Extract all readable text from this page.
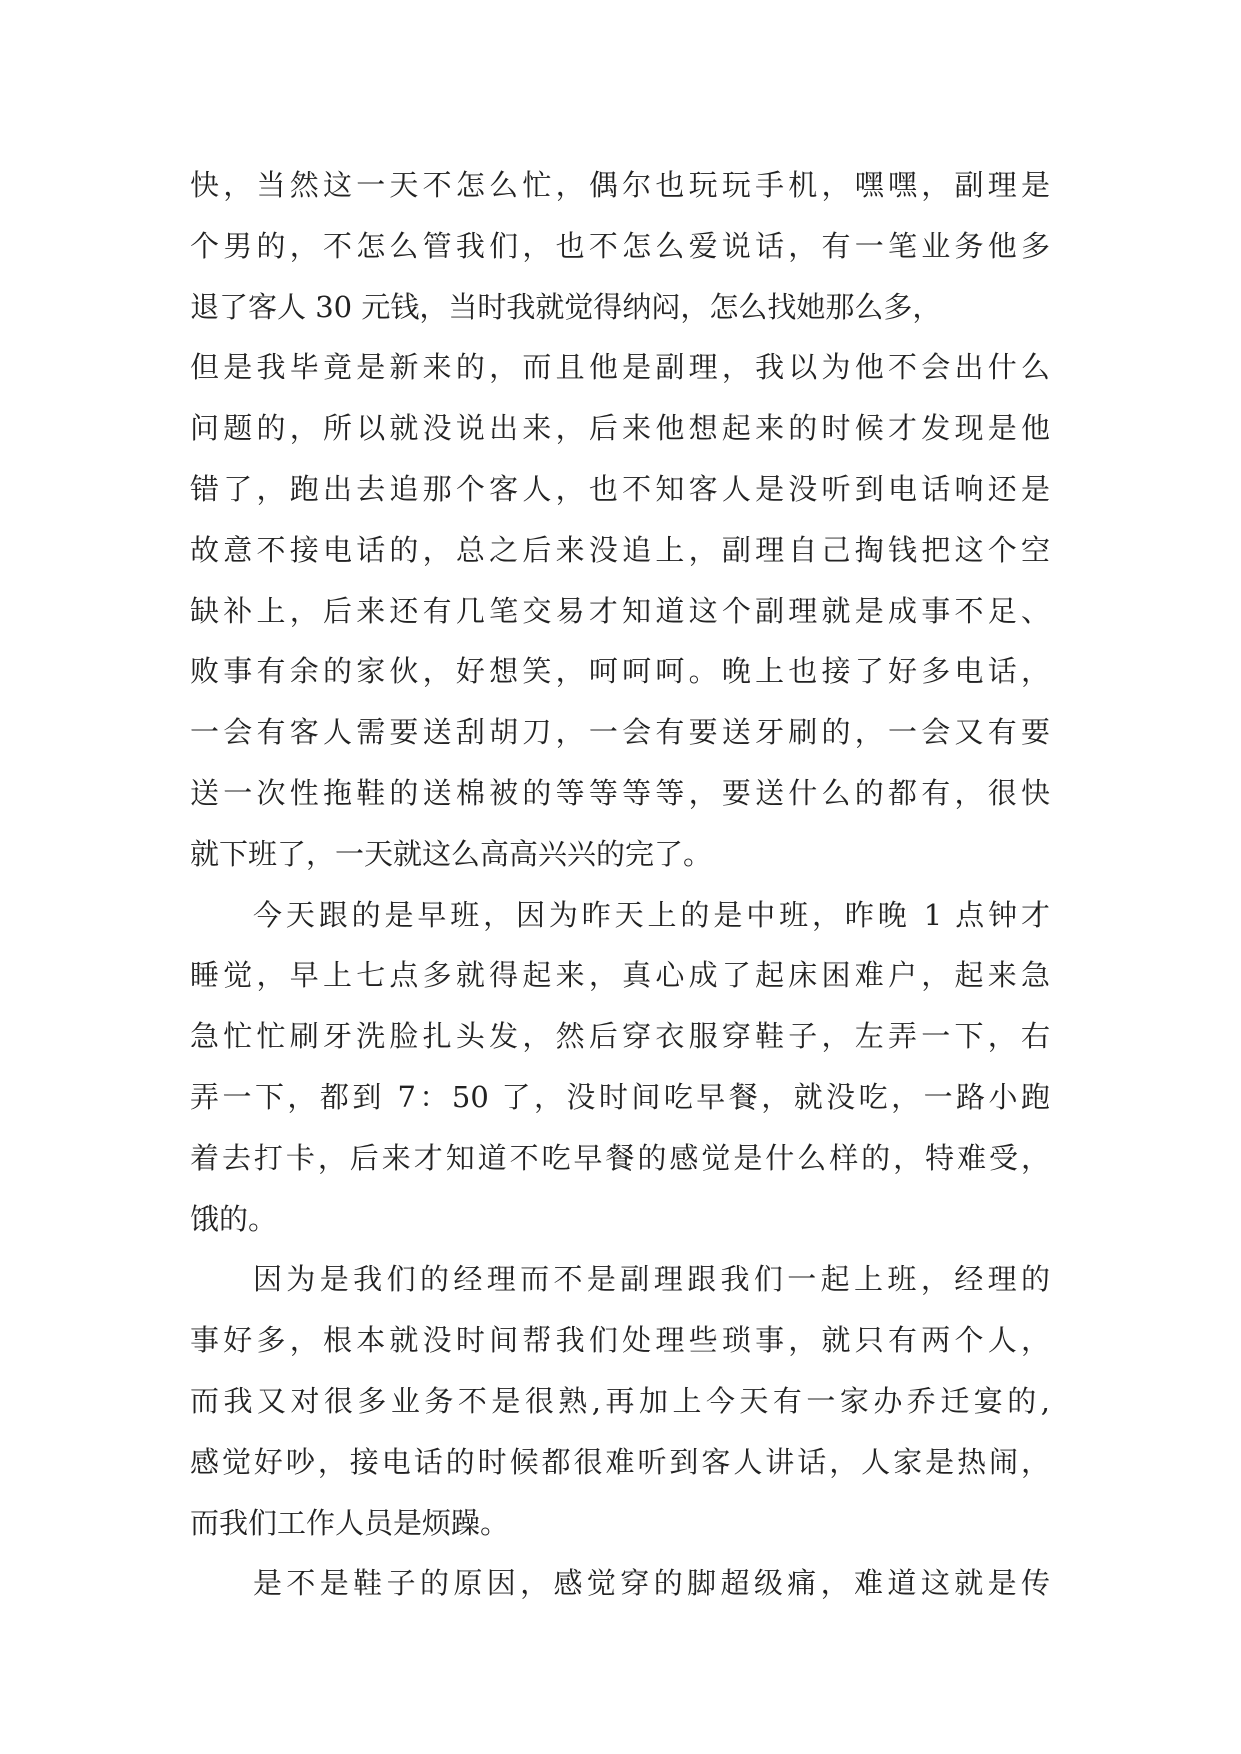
快，当然这一天不怎么忙，偶尔也玩玩手机，嘿嘿，副理是
个男的，不怎么管我们，也不怎么爱说话，有一笔业务他多
退了客人 30 元钱，当时我就觉得纳闷，怎么找她那么多，
但是我毕竟是新来的，而且他是副理，我以为他不会出什么
问题的，所以就没说出来，后来他想起来的时候才发现是他
错了，跑出去追那个客人，也不知客人是没听到电话响还是
故意不接电话的，总之后来没追上，副理自己掏钱把这个空
缺补上，后来还有几笔交易才知道这个副理就是成事不足、
败事有余的家伙，好想笑，呵呵呵。晚上也接了好多电话，
一会有客人需要送刮胡刀，一会有要送牙刷的，一会又有要
送一次性拖鞋的送棉被的等等等等，要送什么的都有，很快
就下班了，一天就这么高高兴兴的完了。
今天跟的是早班，因为昨天上的是中班，昨晚 1 点钟才
睡觉，早上七点多就得起来，真心成了起床困难户，起来急
急忙忙刷牙洗脸扎头发，然后穿衣服穿鞋子，左弄一下，右
弄一下，都到 7：50 了，没时间吃早餐，就没吃，一路小跑
着去打卡，后来才知道不吃早餐的感觉是什么样的，特难受，
饿的。
因为是我们的经理而不是副理跟我们一起上班，经理的
事好多，根本就没时间帮我们处理些琐事，就只有两个人，
而我又对很多业务不是很熟,再加上今天有一家办乔迁宴的,
感觉好吵，接电话的时候都很难听到客人讲话，人家是热闹，
而我们工作人员是烦躁。
是不是鞋子的原因，感觉穿的脚超级痛，难道这就是传
